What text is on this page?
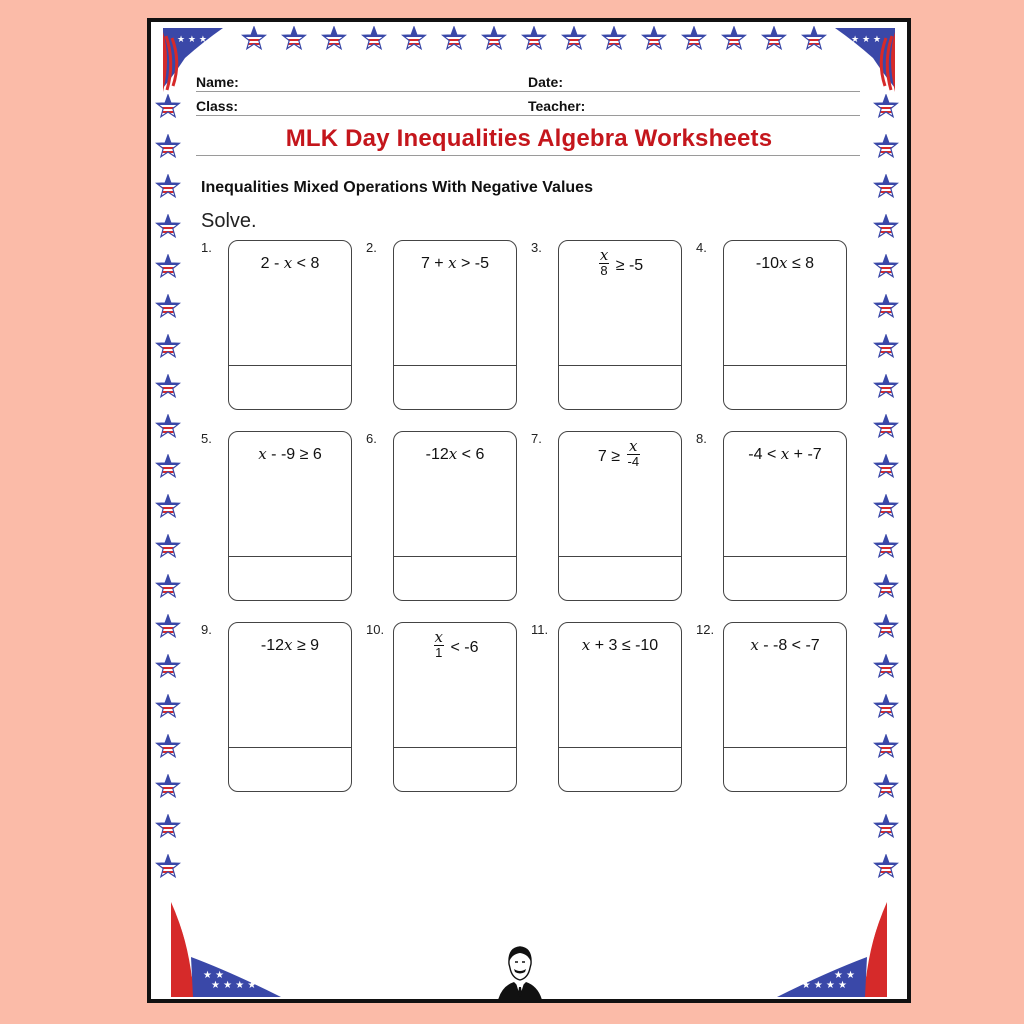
★ ★ ★	★ ★ ★
★ ★ ★ ★
★ ★
★ ★ ★ ★
★ ★
Name:	Date:
Class:	Teacher:
MLK Day Inequalities Algebra Worksheets
Inequalities Mixed Operations With Negative Values
Solve.
1.
2 - x < 8
2.
7 + x > -5
3.
$\frac{x}{8} \ge -5$
4.
-10x ≤ 8
5.
x - -9 ≥ 6
6.
-12x < 6
7.
$7 \ge \frac{x}{-4}$
8.
-4 < x + -7
9.
-12x ≥ 9
10.
$\frac{x}{1} < -6$
11.
x + 3 ≤ -10
12.
x - -8 < -7
